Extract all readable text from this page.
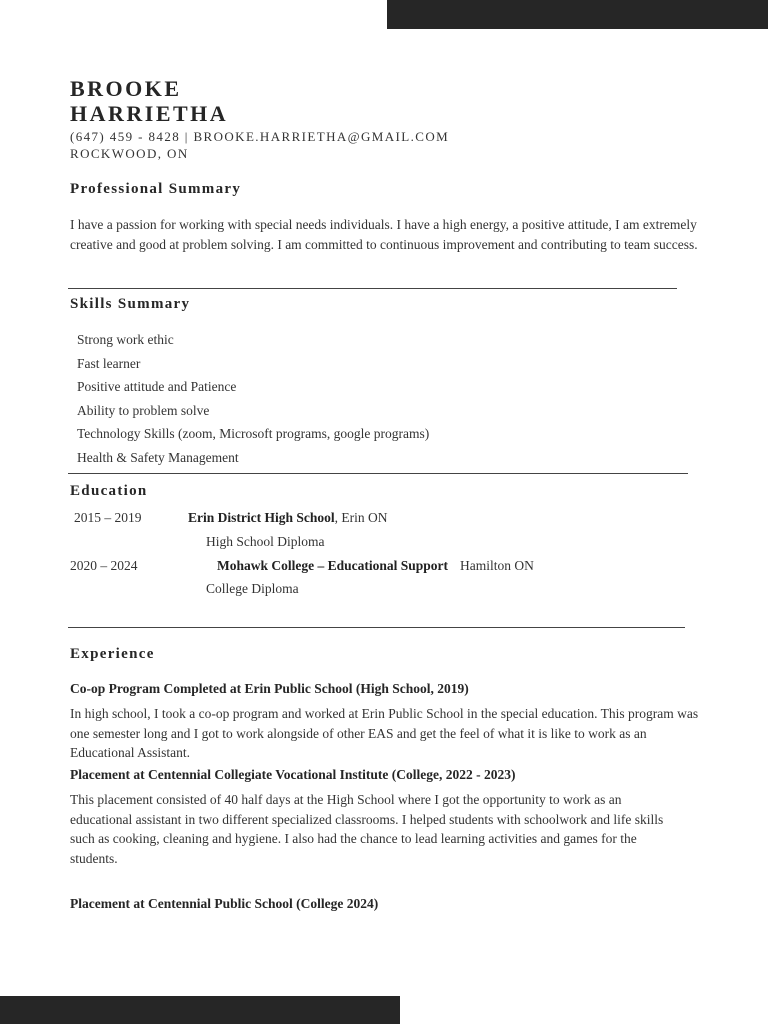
BROOKE
HARRIETHA
(647) 459 - 8428 | BROOKE.HARRIETHA@GMAIL.COM
ROCKWOOD, ON
Professional Summary
I have a passion for working with special needs individuals. I have a high energy, a positive attitude, I am extremely creative and good at problem solving. I am committed to continuous improvement and contributing to team success.
Skills Summary
Strong work ethic
Fast learner
Positive attitude and Patience
Ability to problem solve
Technology Skills (zoom, Microsoft programs, google programs)
Health & Safety Management
Education
2015 – 2019	Erin District High School, Erin ON
High School Diploma
2020 – 2024	Mohawk College – Educational Support Hamilton ON
College Diploma
Experience
Co-op Program Completed at Erin Public School (High School, 2019)
In high school, I took a co-op program and worked at Erin Public School in the special education. This program was one semester long and I got to work alongside of other EAS and get the feel of what it is like to work as an Educational Assistant.
Placement at Centennial Collegiate Vocational Institute (College, 2022 - 2023)
This placement consisted of 40 half days at the High School where I got the opportunity to work as an educational assistant in two different specialized classrooms. I helped students with schoolwork and life skills such as cooking, cleaning and hygiene. I also had the chance to lead learning activities and games for the students.
Placement at Centennial Public School (College 2024)
